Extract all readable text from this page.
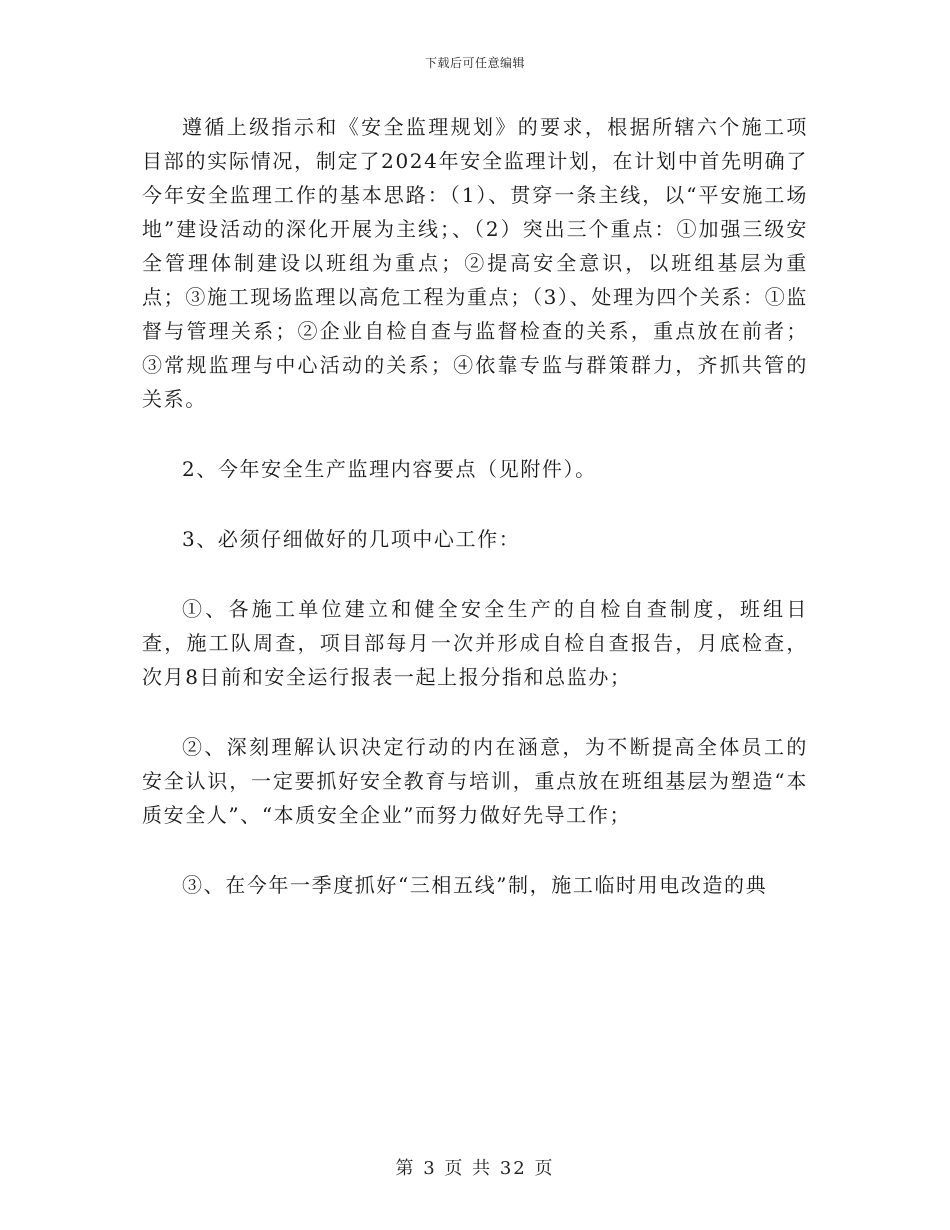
下载后可任意编辑

遵循上级指示和《安全监理规划》的要求，根据所辖六个施工项目部的实际情况，制定了2024年安全监理计划，在计划中首先明确了今年安全监理工作的基本思路：（1）、贯穿一条主线，以“平安施工场地”建设活动的深化开展为主线；、（2）突出三个重点：①加强三级安全管理体制建设以班组为重点；②提高安全意识，以班组基层为重点；③施工现场监理以高危工程为重点；（3）、处理为四个关系：①监督与管理关系；②企业自检自查与监督检查的关系，重点放在前者；③常规监理与中心活动的关系；④依靠专监与群策群力，齐抓共管的关系。

2、今年安全生产监理内容要点（见附件）。

3、必须仔细做好的几项中心工作：

①、各施工单位建立和健全安全生产的自检自查制度，班组日查，施工队周查，项目部每月一次并形成自检自查报告，月底检查，次月8日前和安全运行报表一起上报分指和总监办；

②、深刻理解认识决定行动的内在涵意，为不断提高全体员工的安全认识，一定要抓好安全教育与培训，重点放在班组基层为塑造“本质安全人”、“本质安全企业”而努力做好先导工作；

③、在今年一季度抓好“三相五线”制，施工临时用电改造的典

第 3 页 共 32 页
